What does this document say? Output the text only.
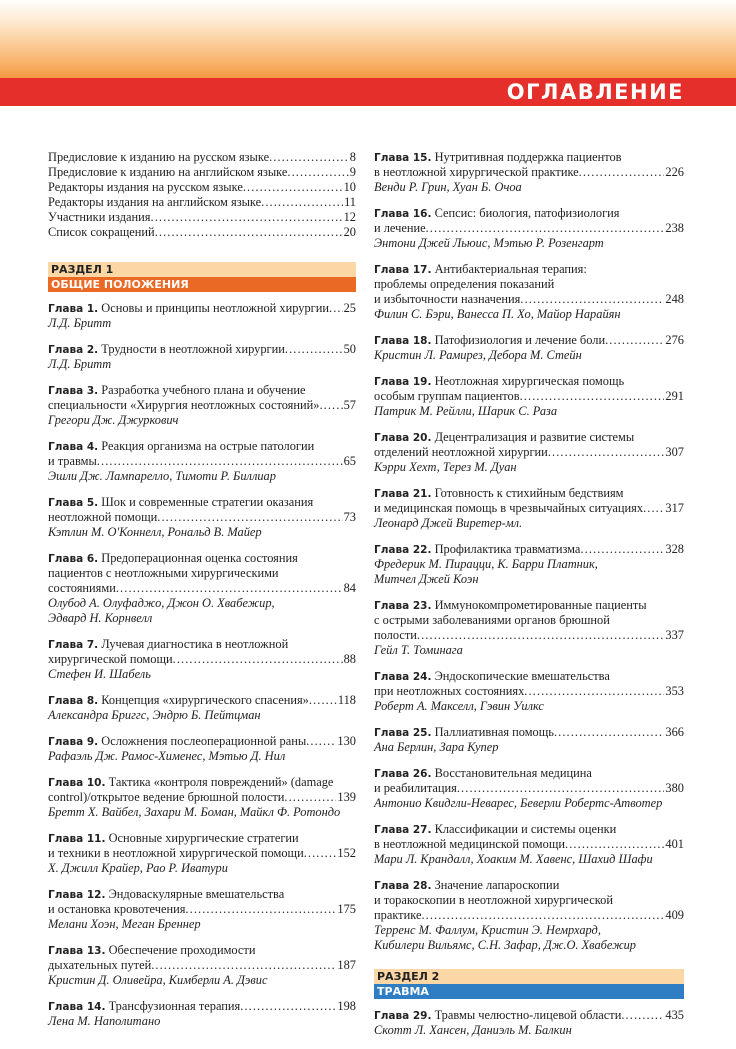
ОГЛАВЛЕНИЕ
Предисловие к изданию на русском языке . . .	8
Предисловие к изданию на английском языке . . .	9
Редакторы издания на русском языке . . .	10
Редакторы издания на английском языке . . .	11
Участники издания . . .	12
Список сокращений . . .	20
РАЗДЕЛ 1
ОБЩИЕ ПОЛОЖЕНИЯ
Глава 1. Основы и принципы неотложной хирургии . . . 25
Л.Д. Бритт
Глава 2. Трудности в неотложной хирургии . . .	50
Л.Д. Бритт
Глава 3. Разработка учебного плана и обучение
специальности «Хирургия неотложных состояний» . . . 57
Грегори Дж. Джуркович
Глава 4. Реакция организма на острые патологии
и травмы . . .	65
Эшли Дж. Лампарелло, Тимоти Р. Биллиар
Глава 5. Шок и современные стратегии оказания
неотложной помощи . . .	73
Кэтлин М. О'Коннелл, Рональд В. Майер
Глава 6. Предоперационная оценка состояния
пациентов с неотложными хирургическими
состояниями . . .	84
Олубод А. Олуфаджо, Джон О. Хвабежир,
Эдвард Н. Корнвелл
Глава 7. Лучевая диагностика в неотложной
хирургической помощи . . .	88
Стефен И. Шабель
Глава 8. Концепция «хирургического спасения» . . . 118
Александра Бриггс, Эндрю Б. Пейтцман
Глава 9. Осложнения послеоперационной раны . . .	130
Рафаэль Дж. Рамос-Хименес, Мэтью Д. Нил
Глава 10. Тактика «контроля повреждений» (damage
control)/открытое ведение брюшной полости . . .	139
Бретт Х. Вайбел, Захари М. Боман, Майкл Ф. Ротондо
Глава 11. Основные хирургические стратегии
и техники в неотложной хирургической помощи . . .	152
Х. Джилл Крайер, Рао Р. Иватури
Глава 12. Эндоваскулярные вмешательства
и остановка кровотечения . . .	175
Мелани Хоэн, Меган Бреннер
Глава 13. Обеспечение проходимости
дыхательных путей . . .	187
Кристин Д. Оливейра, Кимберли А. Дэвис
Глава 14. Трансфузионная терапия . . .	198
Лена М. Наполитано
Глава 15. Нутритивная поддержка пациентов
в неотложной хирургической практике . . .	226
Венди Р. Грин, Хуан Б. Очоа
Глава 16. Сепсис: биология, патофизиология
и лечение . . .	238
Энтони Джей Льюис, Мэтью Р. Розенгарт
Глава 17. Антибактериальная терапия:
проблемы определения показаний
и избыточности назначения . . .	248
Филин С. Бэри, Ванесса П. Хо, Майор Нарайян
Глава 18. Патофизиология и лечение боли . . .	276
Кристин Л. Рамирез, Дебора М. Стейн
Глава 19. Неотложная хирургическая помощь
особым группам пациентов . . .	291
Патрик М. Рейлли, Шарик С. Раза
Глава 20. Децентрализация и развитие системы
отделений неотложной хирургии . . .	307
Кэрри Хехт, Терез М. Дуан
Глава 21. Готовность к стихийным бедствиям
и медицинская помощь в чрезвычайных ситуациях . . . 317
Леонард Джей Виретер-мл.
Глава 22. Профилактика травматизма . . .	328
Фредерик М. Пирацци, К. Барри Платник,
Митчел Джей Коэн
Глава 23. Иммунокомпрометированные пациенты
с острыми заболеваниями органов брюшной
полости . . .	337
Гейл Т. Томинага
Глава 24. Эндоскопические вмешательства
при неотложных состояниях . . .	353
Роберт А. Макселл, Гэвин Уилкс
Глава 25. Паллиативная помощь . . .	366
Ана Берлин, Зара Купер
Глава 26. Восстановительная медицина
и реабилитация . . .	380
Антонио Квидгли-Неварес, Беверли Робертс-Атвотер
Глава 27. Классификации и системы оценки
в неотложной медицинской помощи . . .	401
Мари Л. Крандалл, Хоаким М. Хавенс, Шахид Шафи
Глава 28. Значение лапароскопии
и торакоскопии в неотложной хирургической
практике . . .	409
Терренс М. Фаллум, Кристин Э. Немрхард,
Кибилери Вильямс, С.Н. Зафар, Дж.О. Хвабежир
РАЗДЕЛ 2
ТРАВМА
Глава 29. Травмы челюстно-лицевой области . . .	435
Скотт Л. Хансен, Даниэль М. Балкин
